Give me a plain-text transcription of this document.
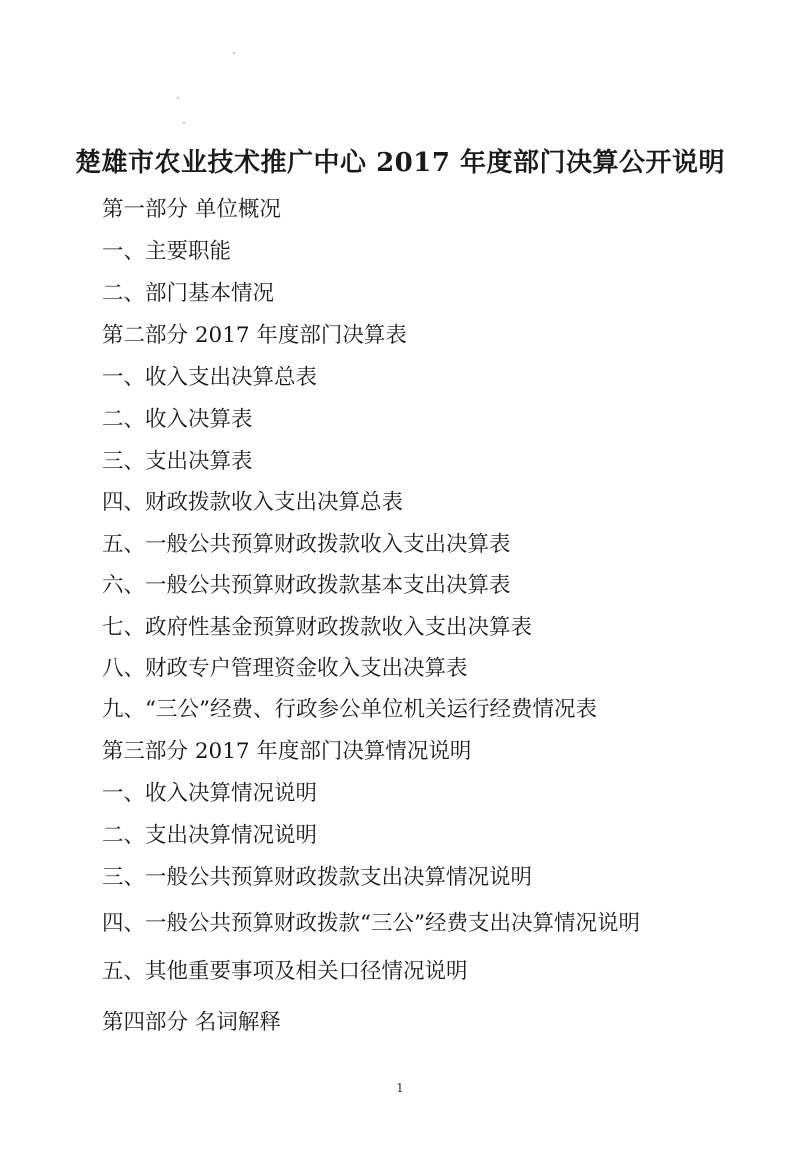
楚雄市农业技术推广中心 2017 年度部门决算公开说明
第一部分 单位概况
一、主要职能
二、部门基本情况
第二部分 2017 年度部门决算表
一、收入支出决算总表
二、收入决算表
三、支出决算表
四、财政拨款收入支出决算总表
五、一般公共预算财政拨款收入支出决算表
六、一般公共预算财政拨款基本支出决算表
七、政府性基金预算财政拨款收入支出决算表
八、财政专户管理资金收入支出决算表
九、“三公”经费、行政参公单位机关运行经费情况表
第三部分 2017 年度部门决算情况说明
一、收入决算情况说明
二、支出决算情况说明
三、一般公共预算财政拨款支出决算情况说明
四、一般公共预算财政拨款“三公”经费支出决算情况说明
五、其他重要事项及相关口径情况说明
第四部分 名词解释
1
